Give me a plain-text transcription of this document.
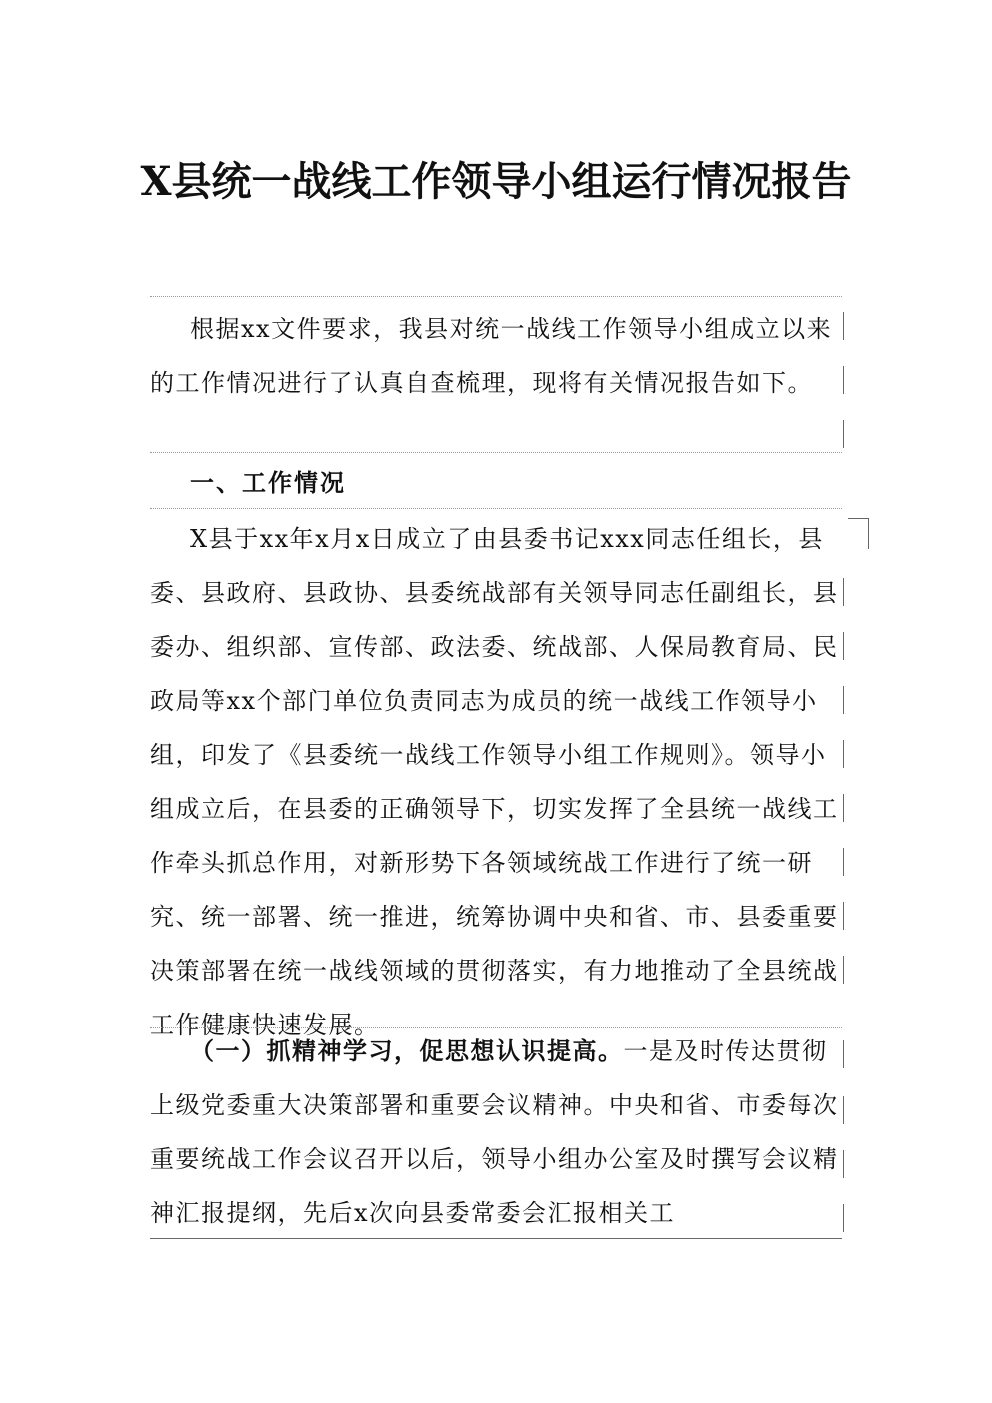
X县统一战线工作领导小组运行情况报告

根据xx文件要求，我县对统一战线工作领导小组成立以来的工作情况进行了认真自查梳理，现将有关情况报告如下。

一、工作情况

X县于xx年x月x日成立了由县委书记xxx同志任组长，县委、县政府、县政协、县委统战部有关领导同志任副组长，县委办、组织部、宣传部、政法委、统战部、人保局教育局、民政局等xx个部门单位负责同志为成员的统一战线工作领导小组，印发了《县委统一战线工作领导小组工作规则》。领导小组成立后，在县委的正确领导下，切实发挥了全县统一战线工作牵头抓总作用，对新形势下各领域统战工作进行了统一研究、统一部署、统一推进，统筹协调中央和省、市、县委重要决策部署在统一战线领域的贯彻落实，有力地推动了全县统战工作健康快速发展。

（一）抓精神学习，促思想认识提高。一是及时传达贯彻上级党委重大决策部署和重要会议精神。中央和省、市委每次重要统战工作会议召开以后，领导小组办公室及时撰写会议精神汇报提纲，先后x次向县委常委会汇报相关工
